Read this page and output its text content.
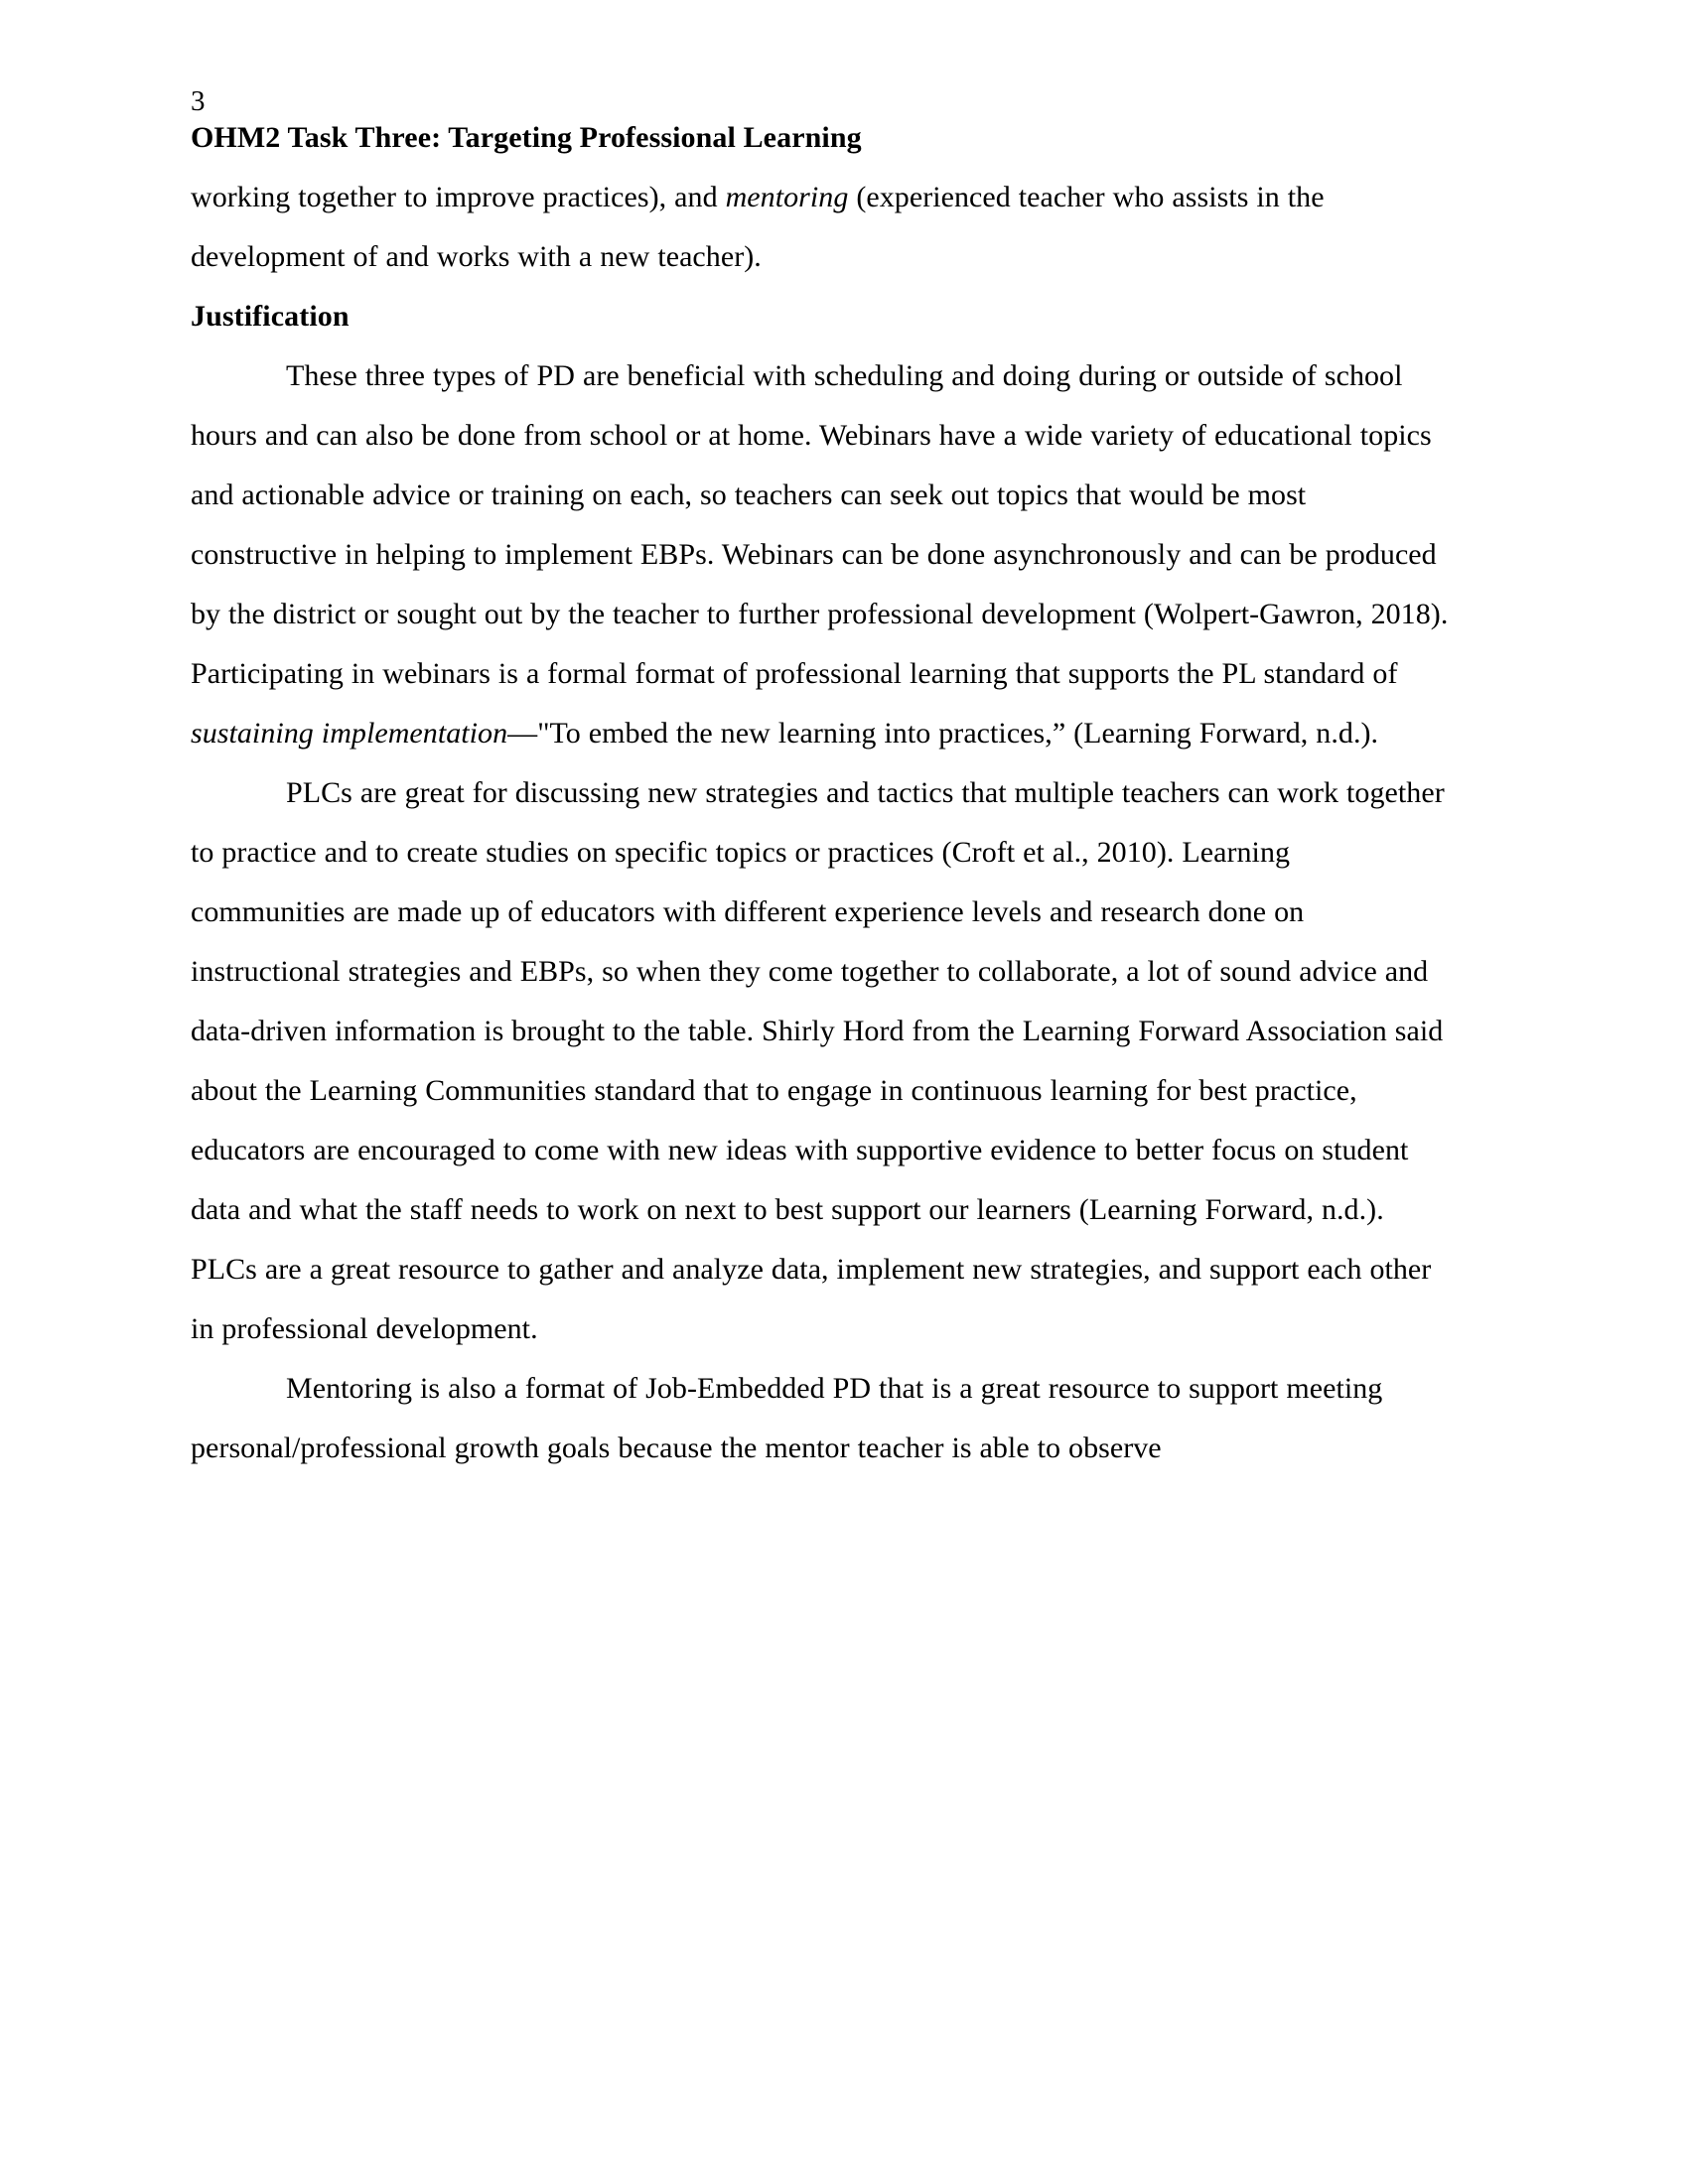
3
OHM2 Task Three: Targeting Professional Learning

working together to improve practices), and mentoring (experienced teacher who assists in the development of and works with a new teacher).

Justification

These three types of PD are beneficial with scheduling and doing during or outside of school hours and can also be done from school or at home. Webinars have a wide variety of educational topics and actionable advice or training on each, so teachers can seek out topics that would be most constructive in helping to implement EBPs. Webinars can be done asynchronously and can be produced by the district or sought out by the teacher to further professional development (Wolpert-Gawron, 2018). Participating in webinars is a formal format of professional learning that supports the PL standard of sustaining implementation—"To embed the new learning into practices,” (Learning Forward, n.d.).

PLCs are great for discussing new strategies and tactics that multiple teachers can work together to practice and to create studies on specific topics or practices (Croft et al., 2010). Learning communities are made up of educators with different experience levels and research done on instructional strategies and EBPs, so when they come together to collaborate, a lot of sound advice and data-driven information is brought to the table. Shirly Hord from the Learning Forward Association said about the Learning Communities standard that to engage in continuous learning for best practice, educators are encouraged to come with new ideas with supportive evidence to better focus on student data and what the staff needs to work on next to best support our learners (Learning Forward, n.d.). PLCs are a great resource to gather and analyze data, implement new strategies, and support each other in professional development.

Mentoring is also a format of Job-Embedded PD that is a great resource to support meeting personal/professional growth goals because the mentor teacher is able to observe
